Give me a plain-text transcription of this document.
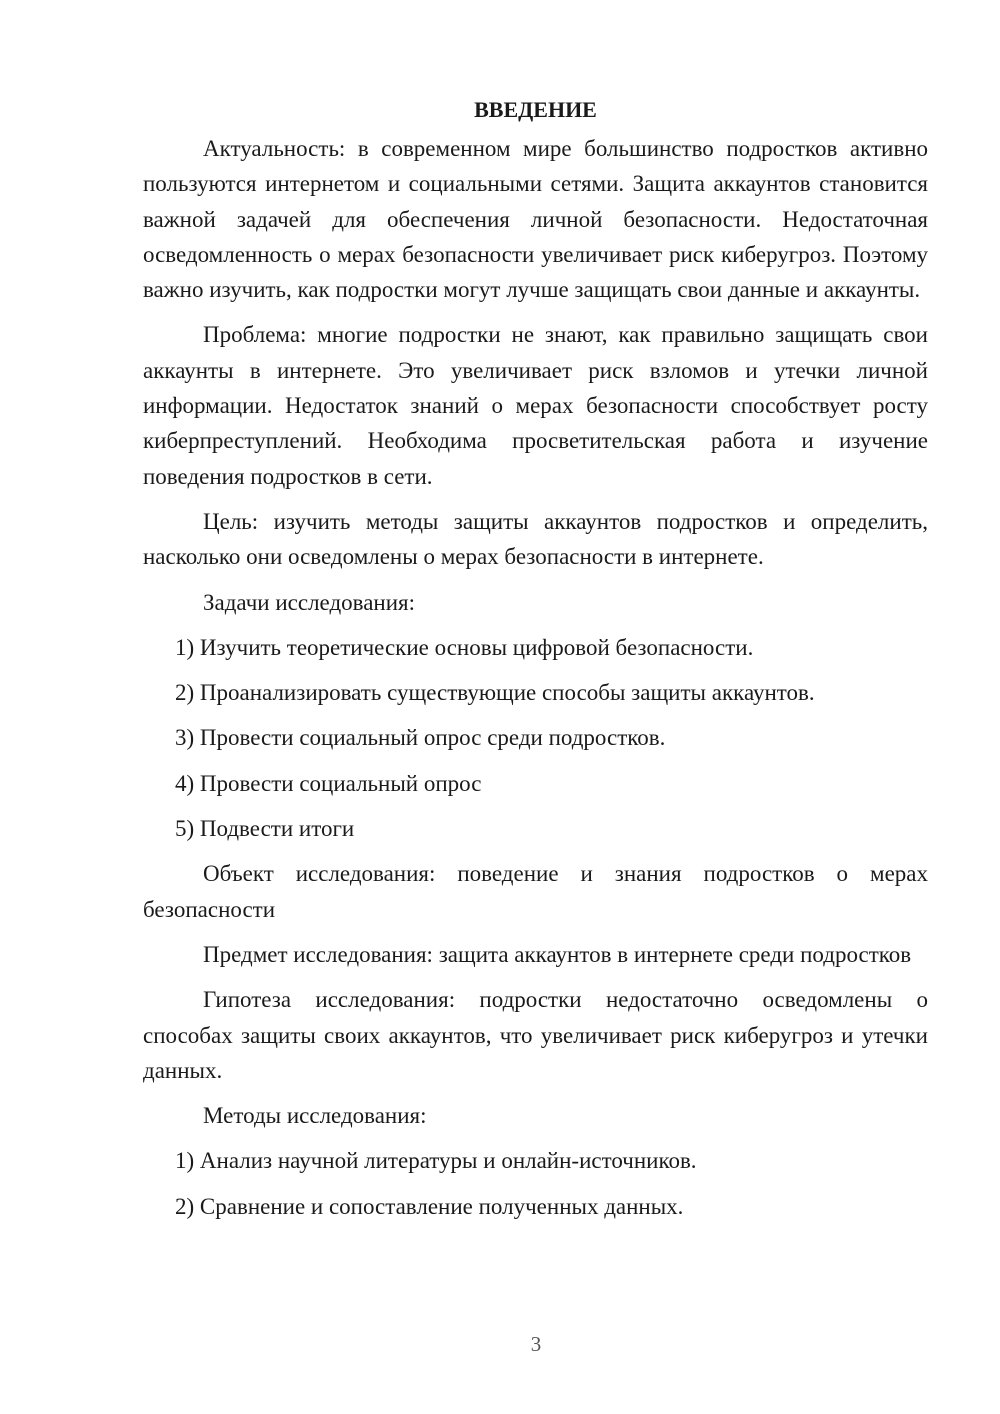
ВВЕДЕНИЕ

Актуальность: в современном мире большинство подростков активно пользуются интернетом и социальными сетями. Защита аккаунтов становится важной задачей для обеспечения личной безопасности. Недостаточная осведомленность о мерах безопасности увеличивает риск киберугроз. Поэтому важно изучить, как подростки могут лучше защищать свои данные и аккаунты.

Проблема: многие подростки не знают, как правильно защищать свои аккаунты в интернете. Это увеличивает риск взломов и утечки личной информации. Недостаток знаний о мерах безопасности способствует росту киберпреступлений. Необходима просветительская работа и изучение поведения подростков в сети.

Цель: изучить методы защиты аккаунтов подростков и определить, насколько они осведомлены о мерах безопасности в интернете.

Задачи исследования:

1) Изучить теоретические основы цифровой безопасности.

2) Проанализировать существующие способы защиты аккаунтов.

3) Провести социальный опрос среди подростков.

4) Провести социальный опрос

5) Подвести итоги

Объект исследования: поведение и знания подростков о мерах безопасности

Предмет исследования: защита аккаунтов в интернете среди подростков

Гипотеза исследования: подростки недостаточно осведомлены о способах защиты своих аккаунтов, что увеличивает риск киберугроз и утечки данных.

Методы исследования:

1) Анализ научной литературы и онлайн-источников.

2) Сравнение и сопоставление полученных данных.

3
